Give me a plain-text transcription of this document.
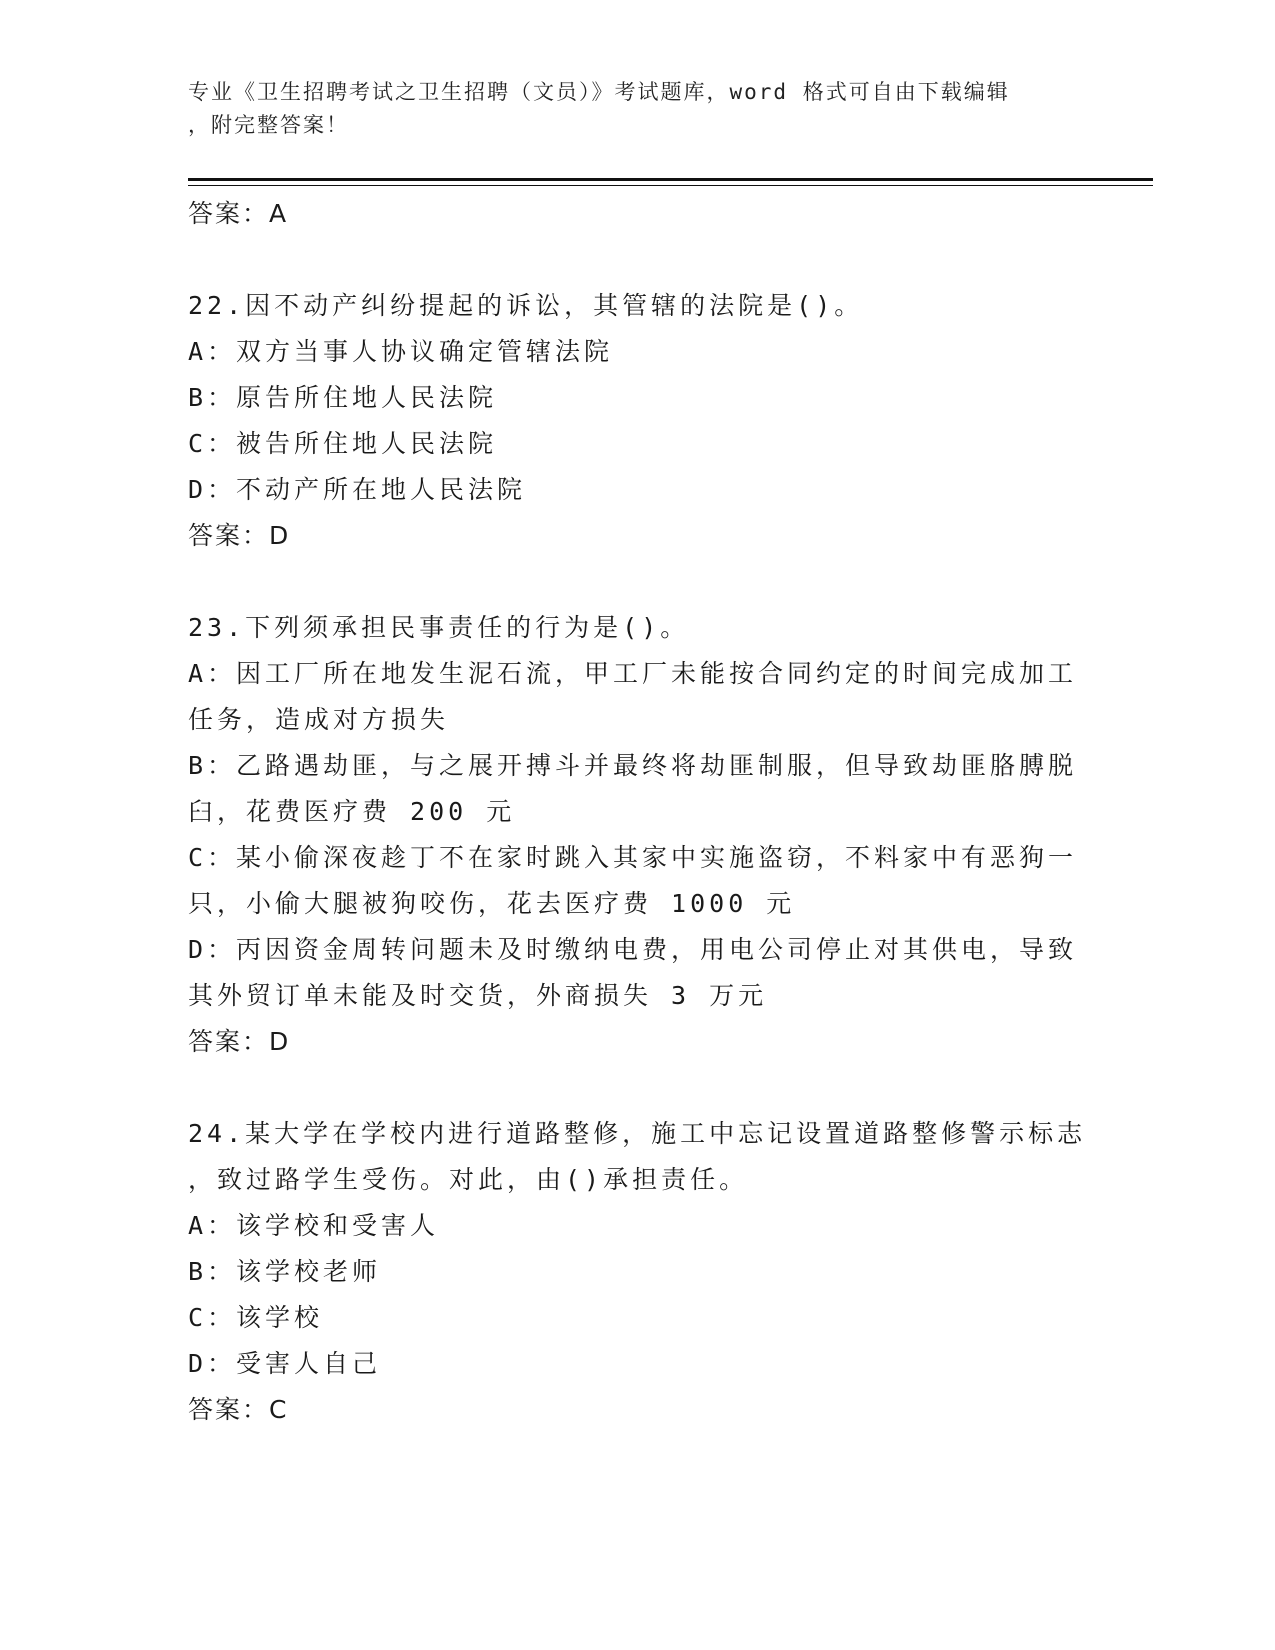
专业《卫生招聘考试之卫生招聘（文员）》考试题库，word 格式可自由下载编辑
，附完整答案！
答案：A
22.因不动产纠纷提起的诉讼，其管辖的法院是()。
A：双方当事人协议确定管辖法院
B：原告所住地人民法院
C：被告所住地人民法院
D：不动产所在地人民法院
答案：D
23.下列须承担民事责任的行为是()。
A：因工厂所在地发生泥石流，甲工厂未能按合同约定的时间完成加工
任务，造成对方损失
B：乙路遇劫匪，与之展开搏斗并最终将劫匪制服，但导致劫匪胳膊脱
臼，花费医疗费 200 元
C：某小偷深夜趁丁不在家时跳入其家中实施盗窃，不料家中有恶狗一
只，小偷大腿被狗咬伤，花去医疗费 1000 元
D：丙因资金周转问题未及时缴纳电费，用电公司停止对其供电，导致
其外贸订单未能及时交货，外商损失 3 万元
答案：D
24.某大学在学校内进行道路整修，施工中忘记设置道路整修警示标志
，致过路学生受伤。对此，由()承担责任。
A：该学校和受害人
B：该学校老师
C：该学校
D：受害人自己
答案：C
